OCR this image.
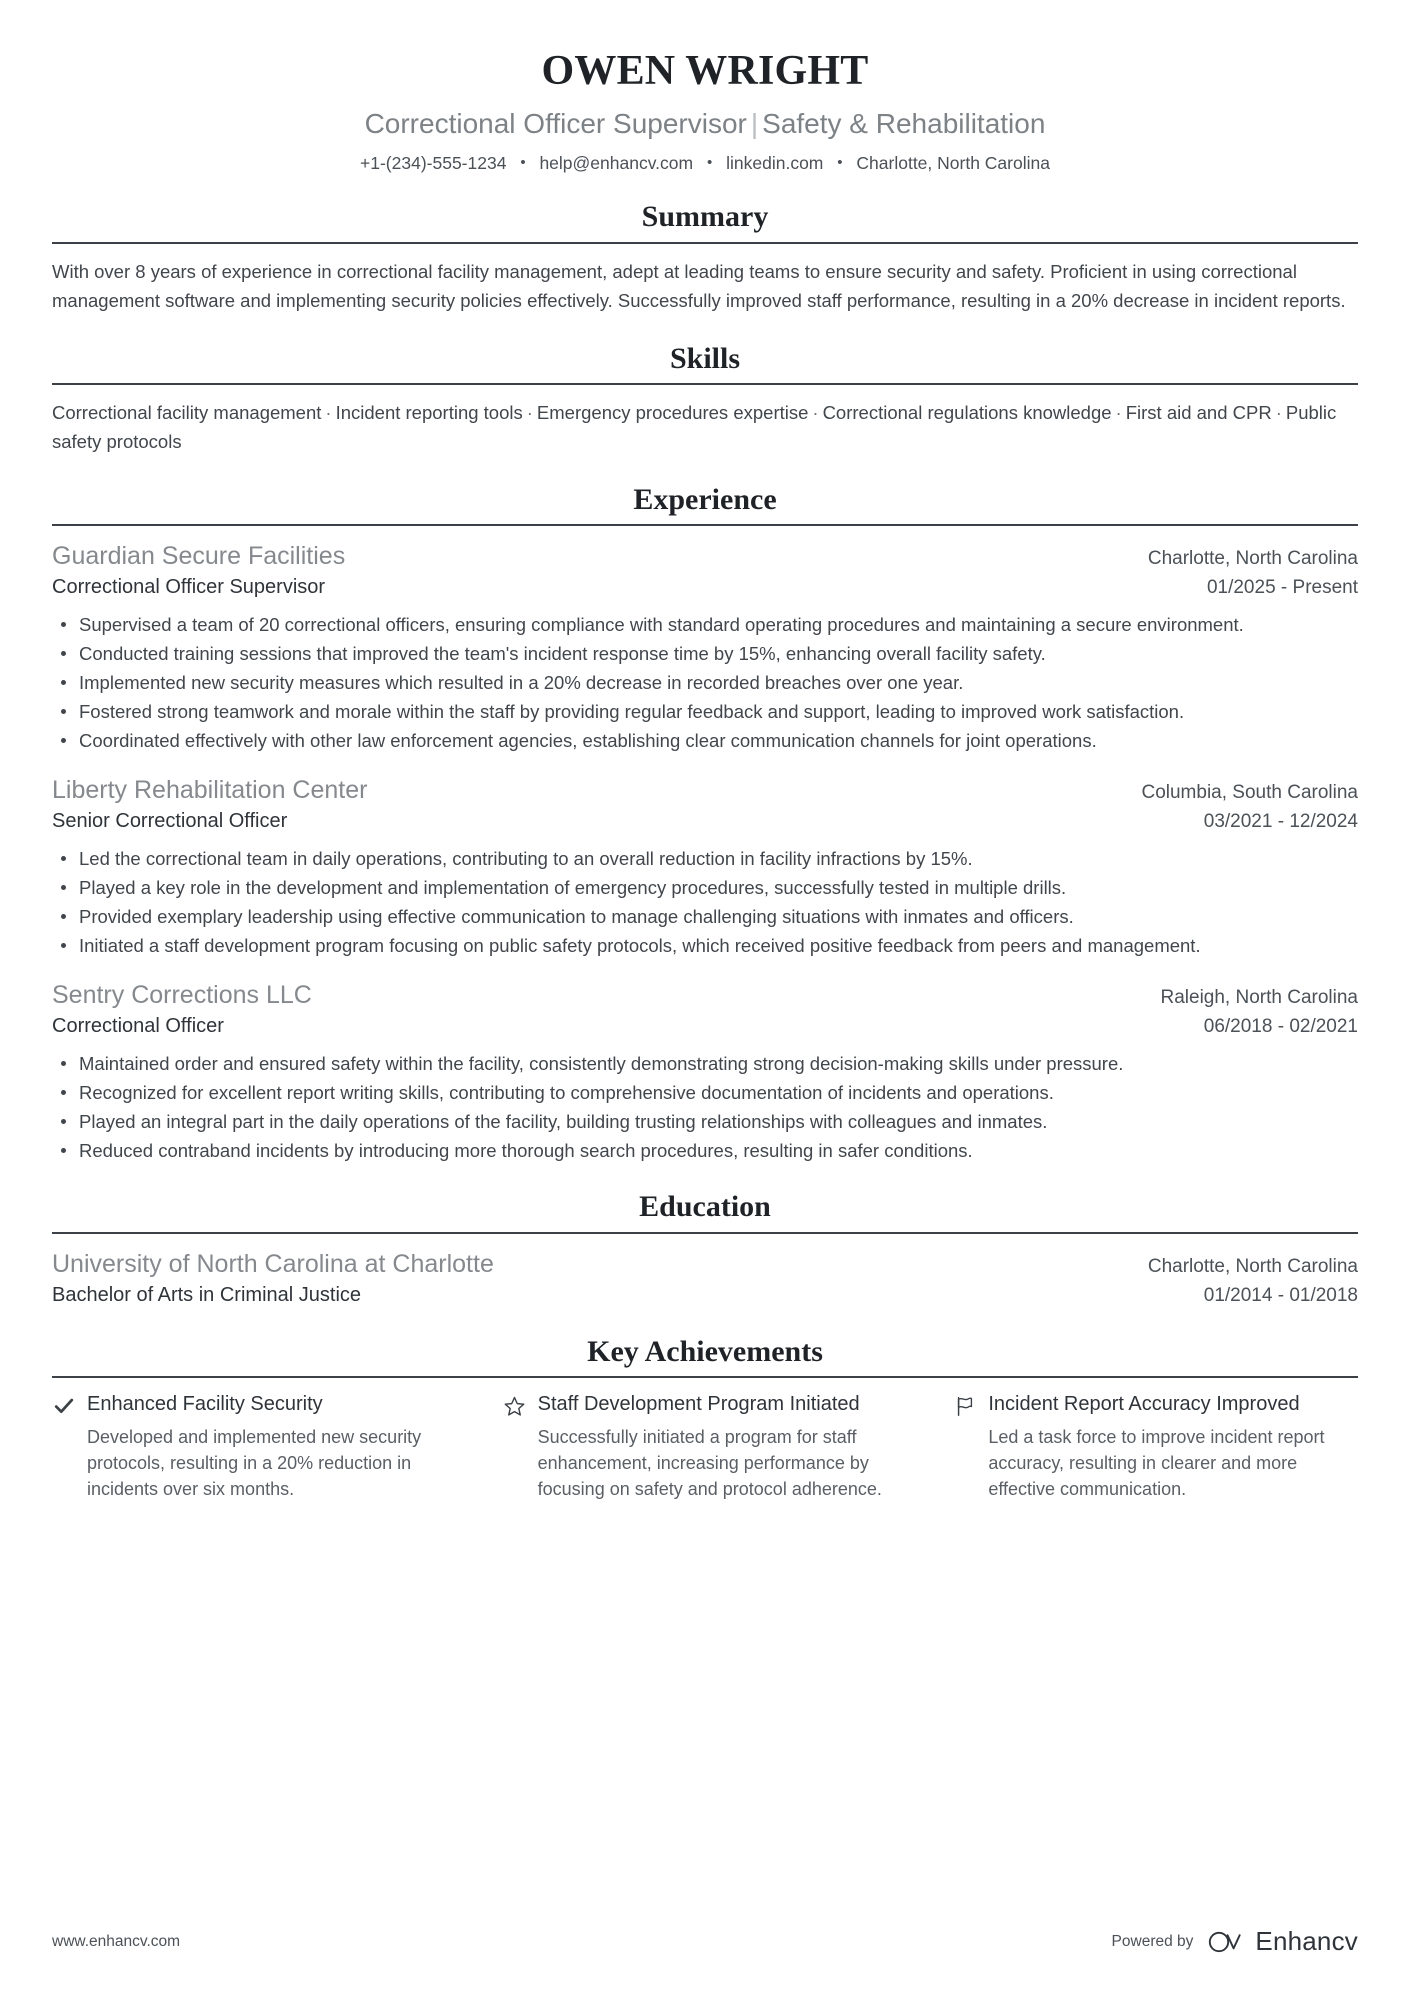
OWEN WRIGHT
Correctional Officer Supervisor | Safety & Rehabilitation
+1-(234)-555-1234 • help@enhancv.com • linkedin.com • Charlotte, North Carolina
Summary

With over 8 years of experience in correctional facility management, adept at leading teams to ensure security and safety. Proficient in using correctional management software and implementing security policies effectively. Successfully improved staff performance, resulting in a 20% decrease in incident reports.

Skills

Correctional facility management · Incident reporting tools · Emergency procedures expertise · Correctional regulations knowledge · First aid and CPR · Public safety protocols

Experience
Guardian Secure Facilities	Charlotte, North Carolina
Correctional Officer Supervisor	01/2025 - Present
Supervised a team of 20 correctional officers, ensuring compliance with standard operating procedures and maintaining a secure environment.
Conducted training sessions that improved the team's incident response time by 15%, enhancing overall facility safety.
Implemented new security measures which resulted in a 20% decrease in recorded breaches over one year.
Fostered strong teamwork and morale within the staff by providing regular feedback and support, leading to improved work satisfaction.
Coordinated effectively with other law enforcement agencies, establishing clear communication channels for joint operations.
Liberty Rehabilitation Center	Columbia, South Carolina
Senior Correctional Officer	03/2021 - 12/2024
Led the correctional team in daily operations, contributing to an overall reduction in facility infractions by 15%.
Played a key role in the development and implementation of emergency procedures, successfully tested in multiple drills.
Provided exemplary leadership using effective communication to manage challenging situations with inmates and officers.
Initiated a staff development program focusing on public safety protocols, which received positive feedback from peers and management.
Sentry Corrections LLC	Raleigh, North Carolina
Correctional Officer	06/2018 - 02/2021
Maintained order and ensured safety within the facility, consistently demonstrating strong decision-making skills under pressure.
Recognized for excellent report writing skills, contributing to comprehensive documentation of incidents and operations.
Played an integral part in the daily operations of the facility, building trusting relationships with colleagues and inmates.
Reduced contraband incidents by introducing more thorough search procedures, resulting in safer conditions.
Education
University of North Carolina at Charlotte	Charlotte, North Carolina
Bachelor of Arts in Criminal Justice	01/2014 - 01/2018
Key Achievements
Enhanced Facility Security
Developed and implemented new security protocols, resulting in a 20% reduction in incidents over six months.
Staff Development Program Initiated
Successfully initiated a program for staff enhancement, increasing performance by focusing on safety and protocol adherence.
Incident Report Accuracy Improved
Led a task force to improve incident report accuracy, resulting in clearer and more effective communication.
www.enhancv.com	Powered by Enhancv
